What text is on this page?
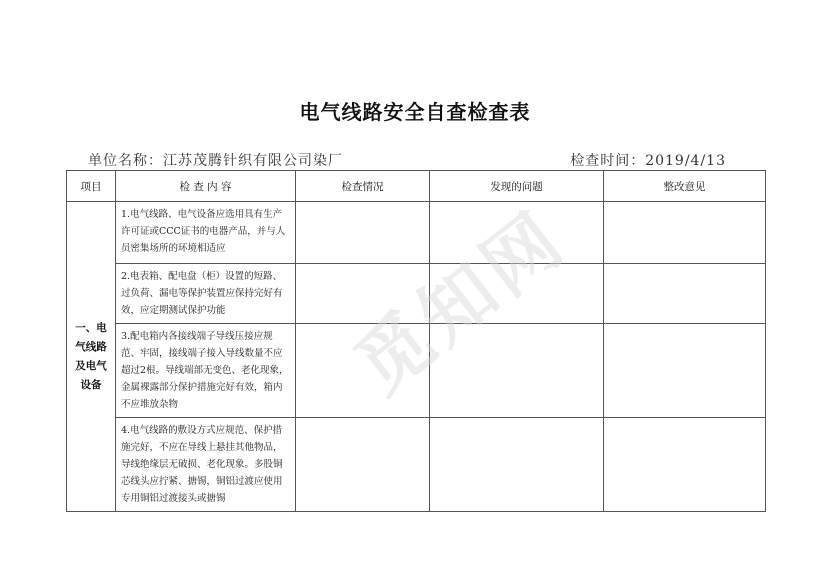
电气线路安全自查检查表
单位名称：江苏茂腾针织有限公司染厂	检查时间：2019/4/13
项目	检 查 内 容	检查情况	发现的问题	整改意见
一、电气线路及电气设备	1.电气线路、电气设备应选用具有生产许可证或CCC证书的电器产品，并与人员密集场所的环境相适应			
	2.电表箱、配电盘（柜）设置的短路、过负荷、漏电等保护装置应保持完好有效，应定期测试保护功能			
	3.配电箱内各接线端子导线压接应规范、牢固，接线端子接入导线数量不应超过2根。导线端部无变色、老化现象，金属裸露部分保护措施完好有效，箱内不应堆放杂物			
	4.电气线路的敷设方式应规范、保护措施完好，不应在导线上悬挂其他物品，导线绝缘层无破损、老化现象。多股铜芯线头应拧紧、搪锡，铜铝过渡应使用专用铜铝过渡接头或搪锡			
觅知网
